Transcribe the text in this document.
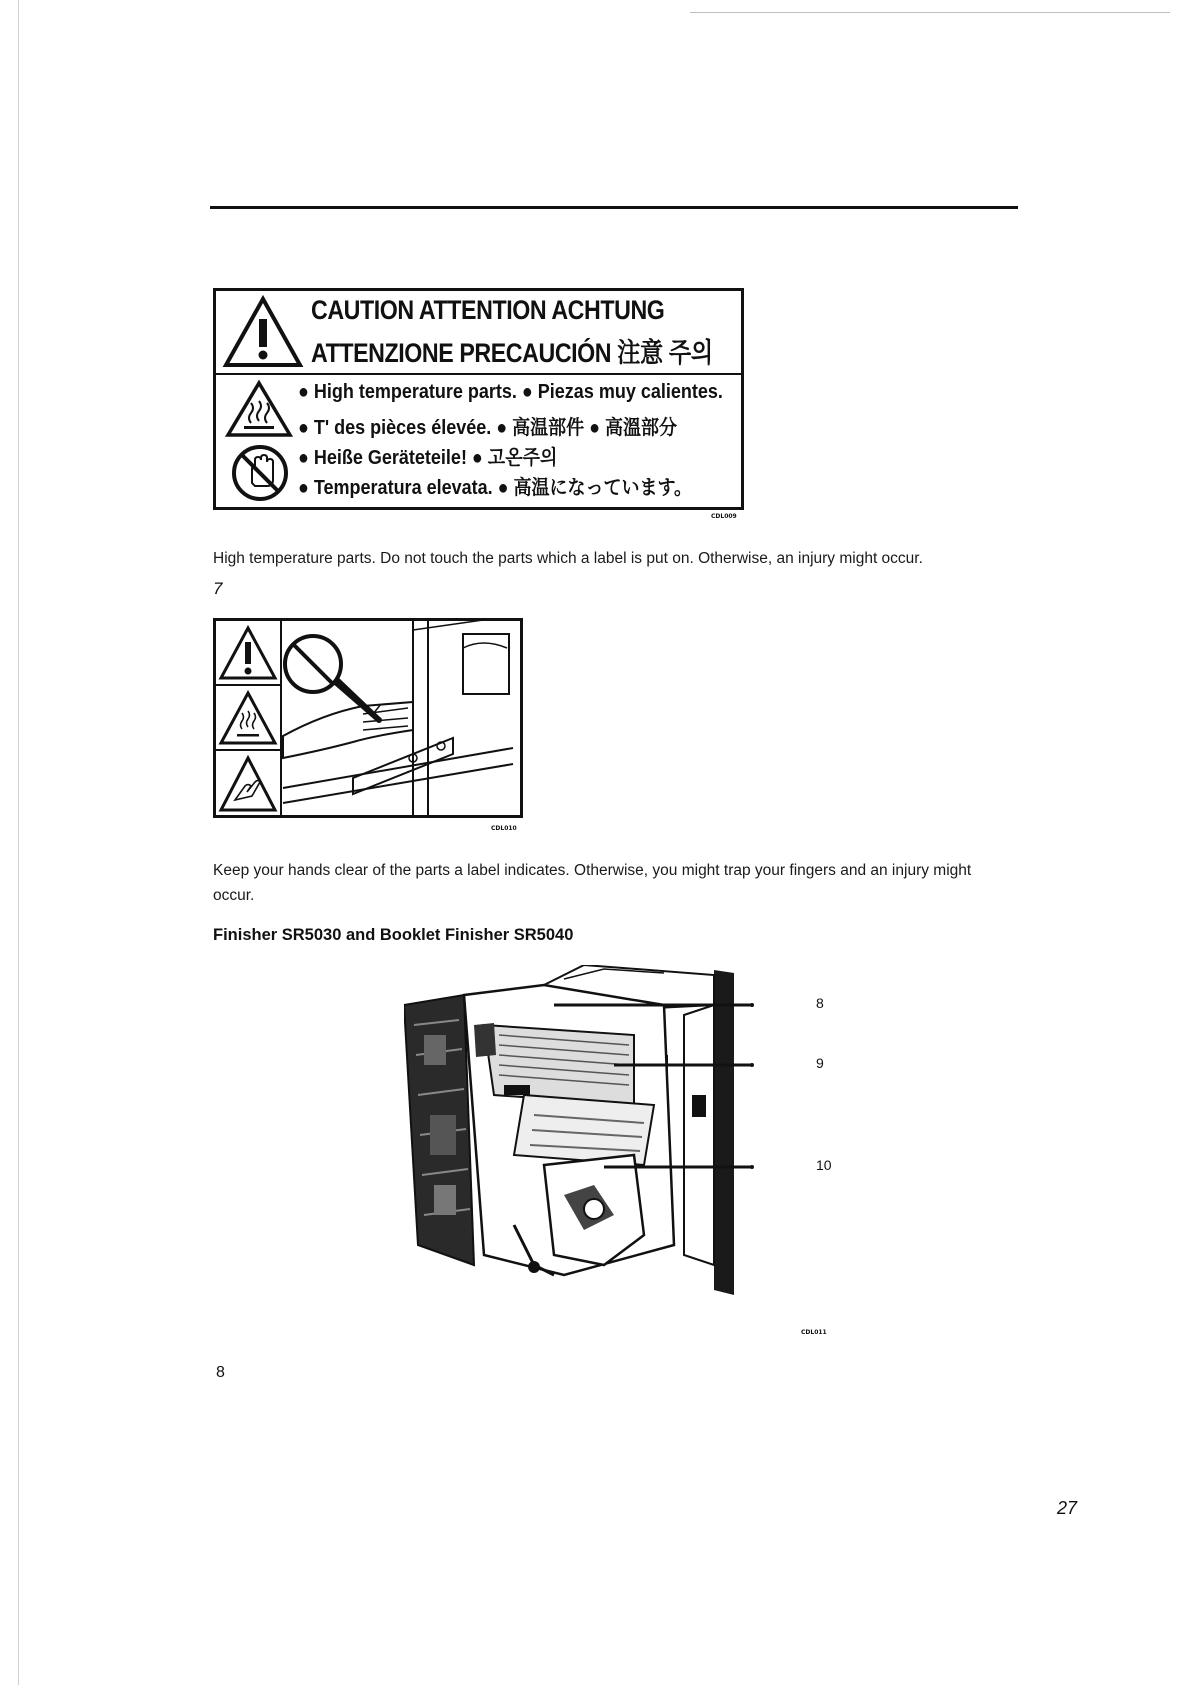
CAUTION ATTENTION ACHTUNG
ATTENZIONE PRECAUCIÓN 注意 주의
● High temperature parts. ● Piezas muy calientes.
● T' des pièces élevée. ● 高温部件 ● 高溫部分
● Heiße Geräteteile! ● 고온주의
● Temperatura elevata. ● 高温になっています。
CDL009
High temperature parts. Do not touch the parts which a label is put on. Otherwise, an injury might occur.
7
CDL010
Keep your hands clear of the parts a label indicates. Otherwise, you might trap your fingers and an injury might occur.
Finisher SR5030 and Booklet Finisher SR5040
8
9
10
CDL011
8
27
